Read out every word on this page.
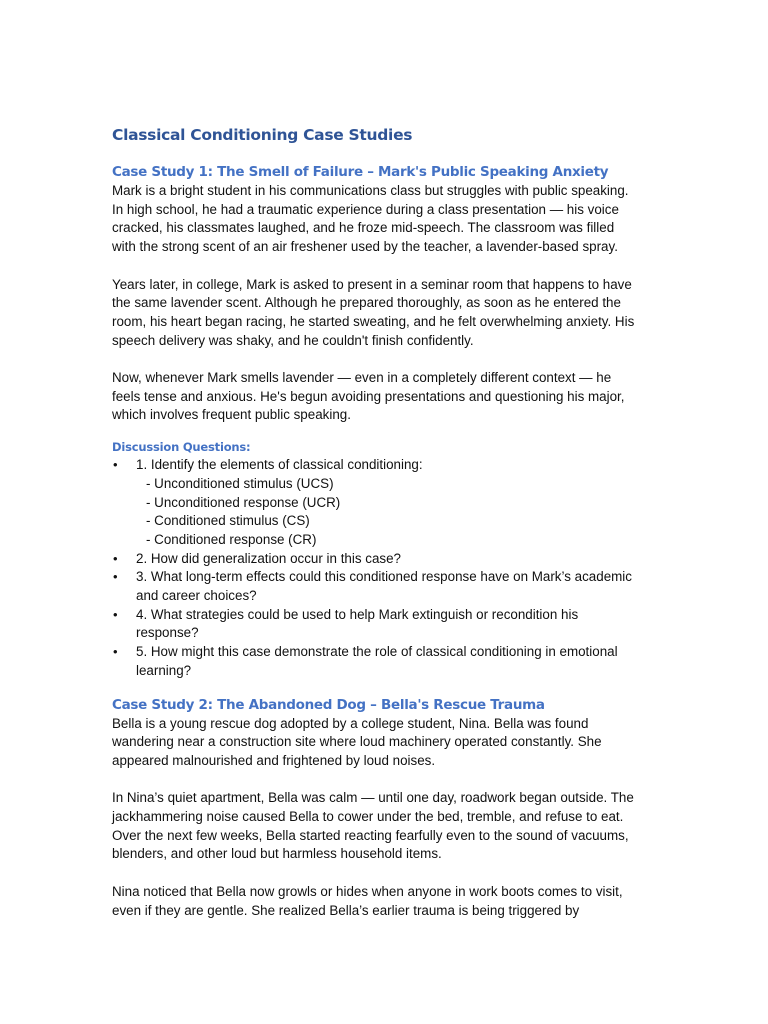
Classical Conditioning Case Studies
Case Study 1: The Smell of Failure – Mark's Public Speaking Anxiety

Mark is a bright student in his communications class but struggles with public speaking.
In high school, he had a traumatic experience during a class presentation — his voice
cracked, his classmates laughed, and he froze mid-speech. The classroom was filled
with the strong scent of an air freshener used by the teacher, a lavender-based spray.

Years later, in college, Mark is asked to present in a seminar room that happens to have
the same lavender scent. Although he prepared thoroughly, as soon as he entered the
room, his heart began racing, he started sweating, and he felt overwhelming anxiety. His
speech delivery was shaky, and he couldn't finish confidently.

Now, whenever Mark smells lavender — even in a completely different context — he
feels tense and anxious. He's begun avoiding presentations and questioning his major,
which involves frequent public speaking.

Discussion Questions:
• 1. Identify the elements of classical conditioning:
- Unconditioned stimulus (UCS)
- Unconditioned response (UCR)
- Conditioned stimulus (CS)
- Conditioned response (CR)
• 2. How did generalization occur in this case?
• 3. What long-term effects could this conditioned response have on Mark’s academic
and career choices?
• 4. What strategies could be used to help Mark extinguish or recondition his
response?
• 5. How might this case demonstrate the role of classical conditioning in emotional
learning?
Case Study 2: The Abandoned Dog – Bella's Rescue Trauma

Bella is a young rescue dog adopted by a college student, Nina. Bella was found
wandering near a construction site where loud machinery operated constantly. She
appeared malnourished and frightened by loud noises.

In Nina’s quiet apartment, Bella was calm — until one day, roadwork began outside. The
jackhammering noise caused Bella to cower under the bed, tremble, and refuse to eat.
Over the next few weeks, Bella started reacting fearfully even to the sound of vacuums,
blenders, and other loud but harmless household items.

Nina noticed that Bella now growls or hides when anyone in work boots comes to visit,
even if they are gentle. She realized Bella’s earlier trauma is being triggered by
